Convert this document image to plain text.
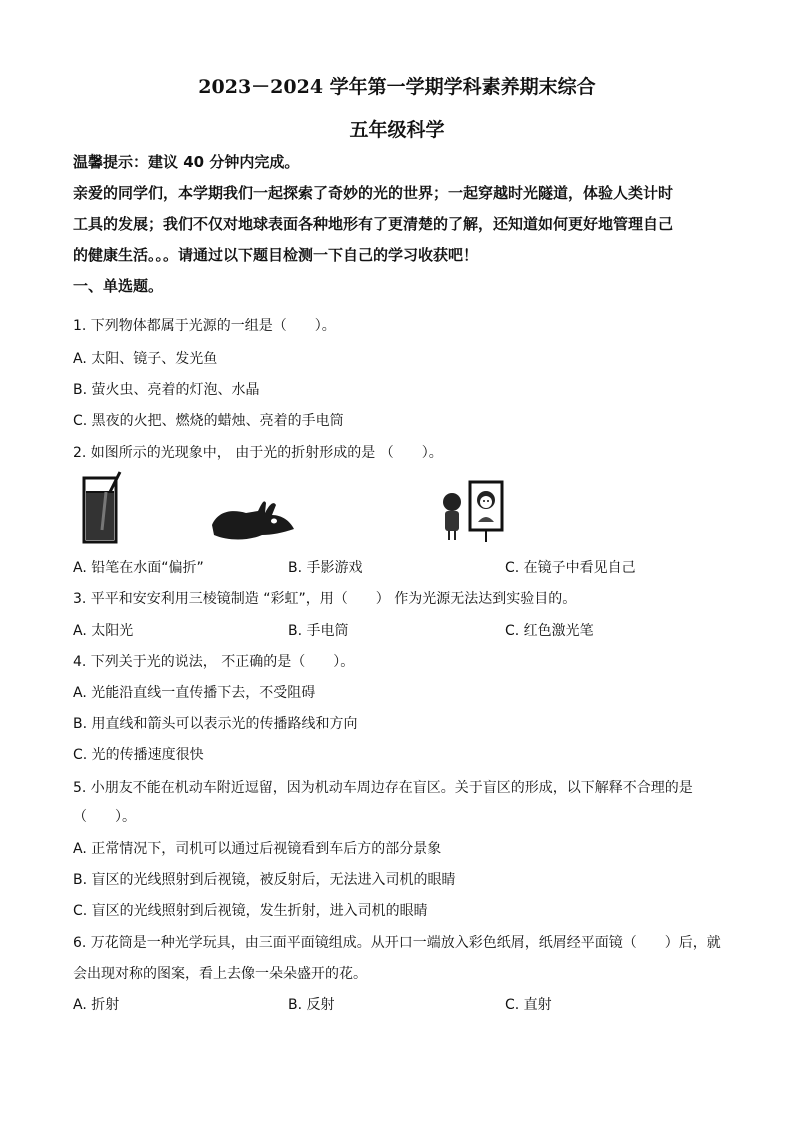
2023－2024 学年第一学期学科素养期末综合
五年级科学
温馨提示：建议 40 分钟内完成。
亲爱的同学们，本学期我们一起探索了奇妙的光的世界；一起穿越时光隧道，体验人类计时
工具的发展；我们不仅对地球表面各种地形有了更清楚的了解，还知道如何更好地管理自己
的健康生活。。。请通过以下题目检测一下自己的学习收获吧！
一、单选题。
1. 下列物体都属于光源的一组是（　　）。
A. 太阳、镜子、发光鱼
B. 萤火虫、亮着的灯泡、水晶
C. 黑夜的火把、燃烧的蜡烛、亮着的手电筒
2. 如图所示的光现象中， 由于光的折射形成的是 （　　）。
A. 铅笔在水面“偏折”	B. 手影游戏	C. 在镜子中看见自己
3. 平平和安安利用三棱镜制造 “彩虹”，用（　　） 作为光源无法达到实验目的。
A. 太阳光	B. 手电筒	C. 红色激光笔
4. 下列关于光的说法， 不正确的是（　　）。
A. 光能沿直线一直传播下去，不受阻碍
B. 用直线和箭头可以表示光的传播路线和方向
C. 光的传播速度很快
5. 小朋友不能在机动车附近逗留，因为机动车周边存在盲区。关于盲区的形成，以下解释不合理的是
（　　）。
A. 正常情况下，司机可以通过后视镜看到车后方的部分景象
B. 盲区的光线照射到后视镜，被反射后，无法进入司机的眼睛
C. 盲区的光线照射到后视镜，发生折射，进入司机的眼睛
6. 万花筒是一种光学玩具，由三面平面镜组成。从开口一端放入彩色纸屑，纸屑经平面镜（　　）后，就
会出现对称的图案，看上去像一朵朵盛开的花。
A. 折射	B. 反射	C. 直射
